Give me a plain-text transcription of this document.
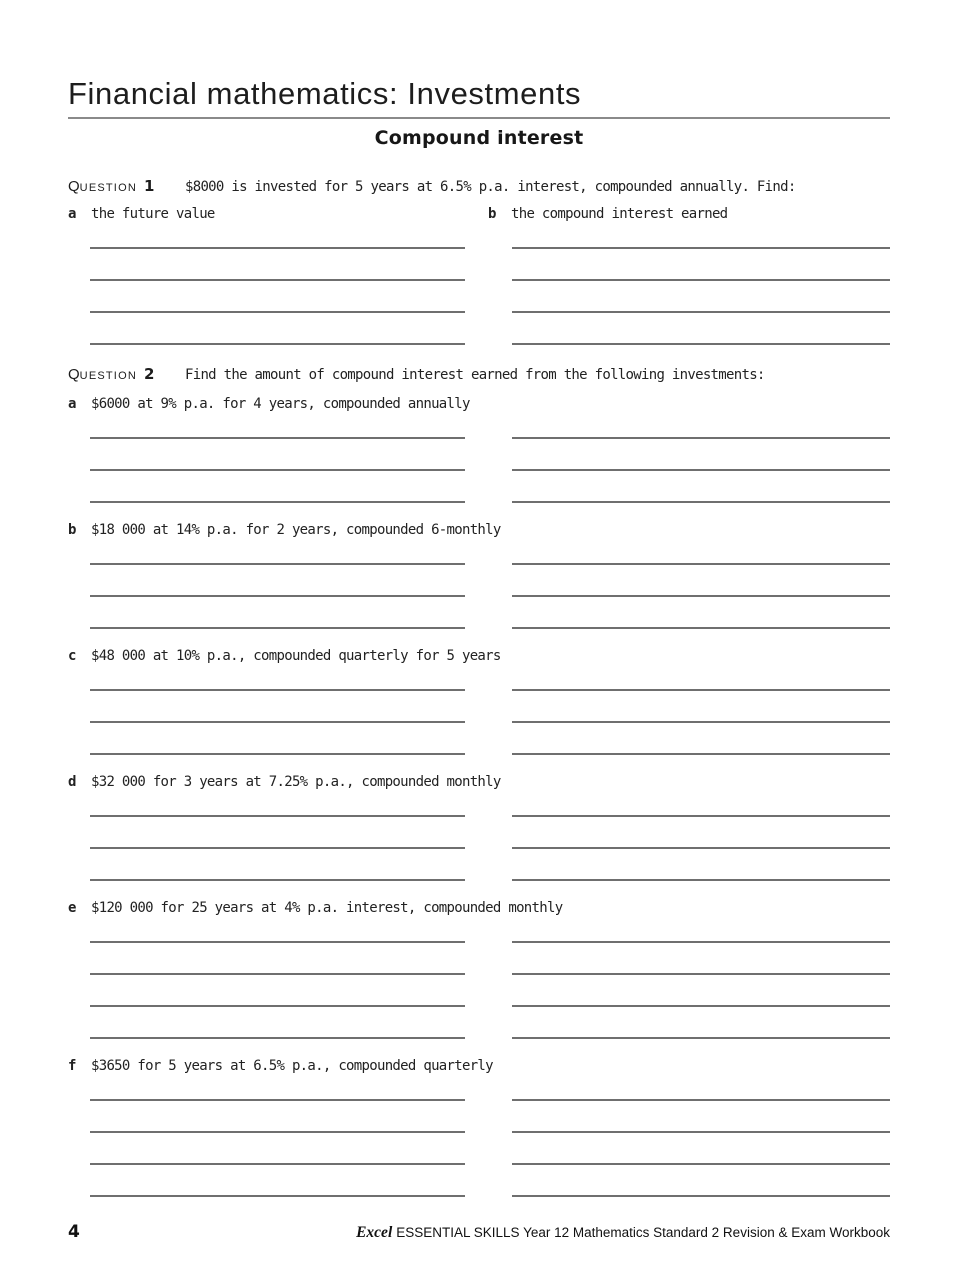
Financial mathematics: Investments
Compound interest
QUESTION 1	$8000 is invested for 5 years at 6.5% p.a. interest, compounded annually. Find:
a	the future value	b	the compound interest earned
QUESTION 2	Find the amount of compound interest earned from the following investments:
a	$6000 at 9% p.a. for 4 years, compounded annually
b	$18 000 at 14% p.a. for 2 years, compounded 6-monthly
c	$48 000 at 10% p.a., compounded quarterly for 5 years
d	$32 000 for 3 years at 7.25% p.a., compounded monthly
e	$120 000 for 25 years at 4% p.a. interest, compounded monthly
f	$3650 for 5 years at 6.5% p.a., compounded quarterly
4	Excel ESSENTIAL SKILLS Year 12 Mathematics Standard 2 Revision & Exam Workbook
